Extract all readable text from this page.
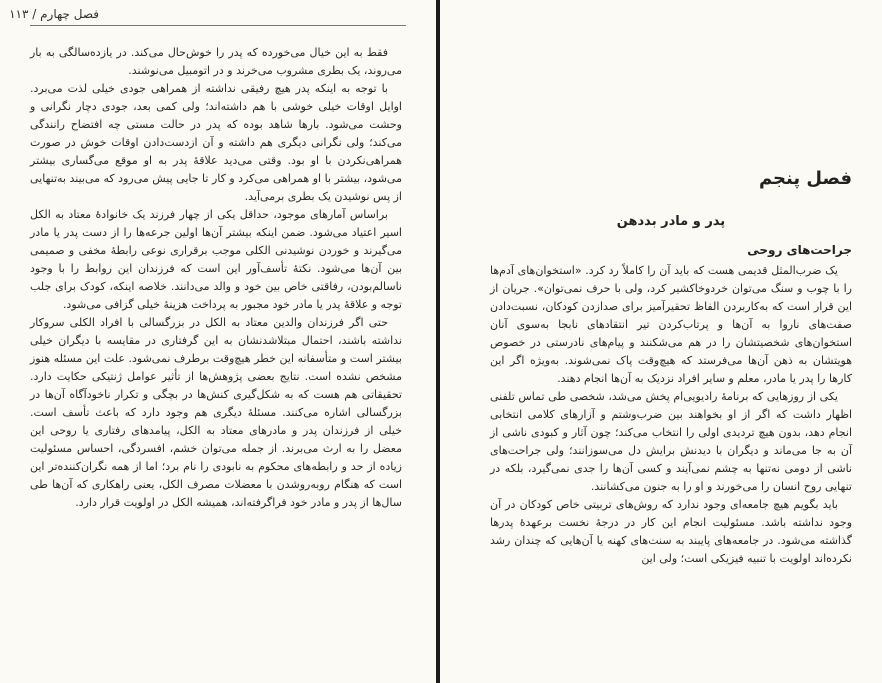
فصل چهارم / ۱۱۳

فقط به این خیال می‌خورده که پدر را خوش‌حال می‌کند. در یازده‌سالگی به بار می‌روند، یک بطری مشروب می‌خرند و در اتومبیل می‌نوشند.

با توجه به اینکه پدر هیچ رفیقی نداشته از همراهی جودی خیلی لذت می‌برد. اوایل اوقات خیلی خوشی با هم داشته‌اند؛ ولی کمی بعد، جودی دچار نگرانی و وحشت می‌شود. بارها شاهد بوده که پدر در حالت مستی چه افتضاح رانندگی می‌کند؛ ولی نگرانی دیگری هم داشته و آن ازدست‌دادن اوقات خوش در صورت همراهی‌نکردن با او بود. وقتی می‌دید علاقهٔ پدر به او موقع می‌گساری بیشتر می‌شود، بیشتر با او همراهی می‌کرد و کار تا جایی پیش می‌رود که می‌بیند به‌تنهایی از پس نوشیدن یک بطری برمی‌آید.

براساس آمارهای موجود، حداقل یکی از چهار فرزند یک خانوادهٔ معتاد به الکل اسیر اعتیاد می‌شود. ضمن اینکه بیشتر آن‌ها اولین جرعه‌ها را از دست پدر یا مادر می‌گیرند و خوردن نوشیدنی الکلی موجب برقراری نوعی رابطهٔ مخفی و صمیمی بین آن‌ها می‌شود. نکتهٔ تأسف‌آور این است که فرزندان این روابط را با وجود ناسالم‌بودن، رفاقتی خاص بین خود و والد می‌دانند. خلاصه اینکه، کودک برای جلب توجه و علاقهٔ پدر یا مادر خود مجبور به پرداخت هزینهٔ خیلی گزافی می‌شود.

حتی اگر فرزندان والدین معتاد به الکل در بزرگسالی با افراد الکلی سروکار نداشته باشند، احتمال مبتلاشدنشان به این گرفتاری در مقایسه با دیگران خیلی بیشتر است و متأسفانه این خطر هیچ‌وقت برطرف نمی‌شود. علت این مسئله هنوز مشخص نشده است. نتایج بعضی پژوهش‌ها از تأثیر عوامل ژنتیکی حکایت دارد. تحقیقاتی هم هست که به شکل‌گیری کنش‌ها در بچگی و تکرار ناخودآگاه آن‌ها در بزرگسالی اشاره می‌کنند. مسئلهٔ دیگری هم وجود دارد که باعث تأسف است. خیلی از فرزندان پدر و مادرهای معتاد به الکل، پیامدهای رفتاری یا روحی این معضل را به ارث می‌برند. از جمله می‌توان خشم، افسردگی، احساس مسئولیت زیاده از حد و رابطه‌های محکوم به نابودی را نام برد؛ اما از همه نگران‌کننده‌تر این است که هنگام روبه‌روشدن با معضلات مصرف الکل، یعنی راهکاری که آن‌ها طی سال‌ها از پدر و مادر خود فراگرفته‌اند، همیشه الکل در اولویت قرار دارد.

فصل پنجم
پدر و مادر بددهن
جراحت‌های روحی

یک ضرب‌المثل قدیمی هست که باید آن را کاملاً رد کرد. «استخوان‌های آدم‌ها را با چوب و سنگ می‌توان خردوخاکشیر کرد، ولی با حرف نمی‌توان». جریان از این قرار است که به‌کاربردن الفاظ تحقیرآمیز برای صدازدن کودکان، نسبت‌دادن صفت‌های ناروا به آن‌ها و پرتاب‌کردن تیر انتقادهای نابجا به‌سوی آنان استخوان‌های شخصیتشان را در هم می‌شکنند و پیام‌های نادرستی در خصوص هویتشان به ذهن آن‌ها می‌فرستد که هیچ‌وقت پاک نمی‌شوند. به‌ویژه اگر این کارها را پدر یا مادر، معلم و سایر افراد نزدیک به آن‌ها انجام دهند.

یکی از روزهایی که برنامهٔ رادیویی‌ام پخش می‌شد، شخصی طی تماس تلفنی اظهار داشت که اگر از او بخواهند بین ضرب‌وشتم و آزارهای کلامی انتخابی انجام دهد، بدون هیچ تردیدی اولی را انتخاب می‌کند؛ چون آثار و کبودی ناشی از آن به جا می‌ماند و دیگران با دیدنش برایش دل می‌سوزانند؛ ولی جراحت‌های ناشی از دومی نه‌تنها به چشم نمی‌آیند و کسی آن‌ها را جدی نمی‌گیرد، بلکه در تنهایی روح انسان را می‌خورند و او را به جنون می‌کشانند.

باید بگویم هیچ جامعه‌ای وجود ندارد که روش‌های تربیتی خاص کودکان در آن وجود نداشته باشد. مسئولیت انجام این کار در درجهٔ نخست برعهدهٔ پدرها گذاشته می‌شود. در جامعه‌های پایبند به سنت‌های کهنه یا آن‌هایی که چندان رشد نکرده‌اند اولویت با تنبیه فیزیکی است؛ ولی این
